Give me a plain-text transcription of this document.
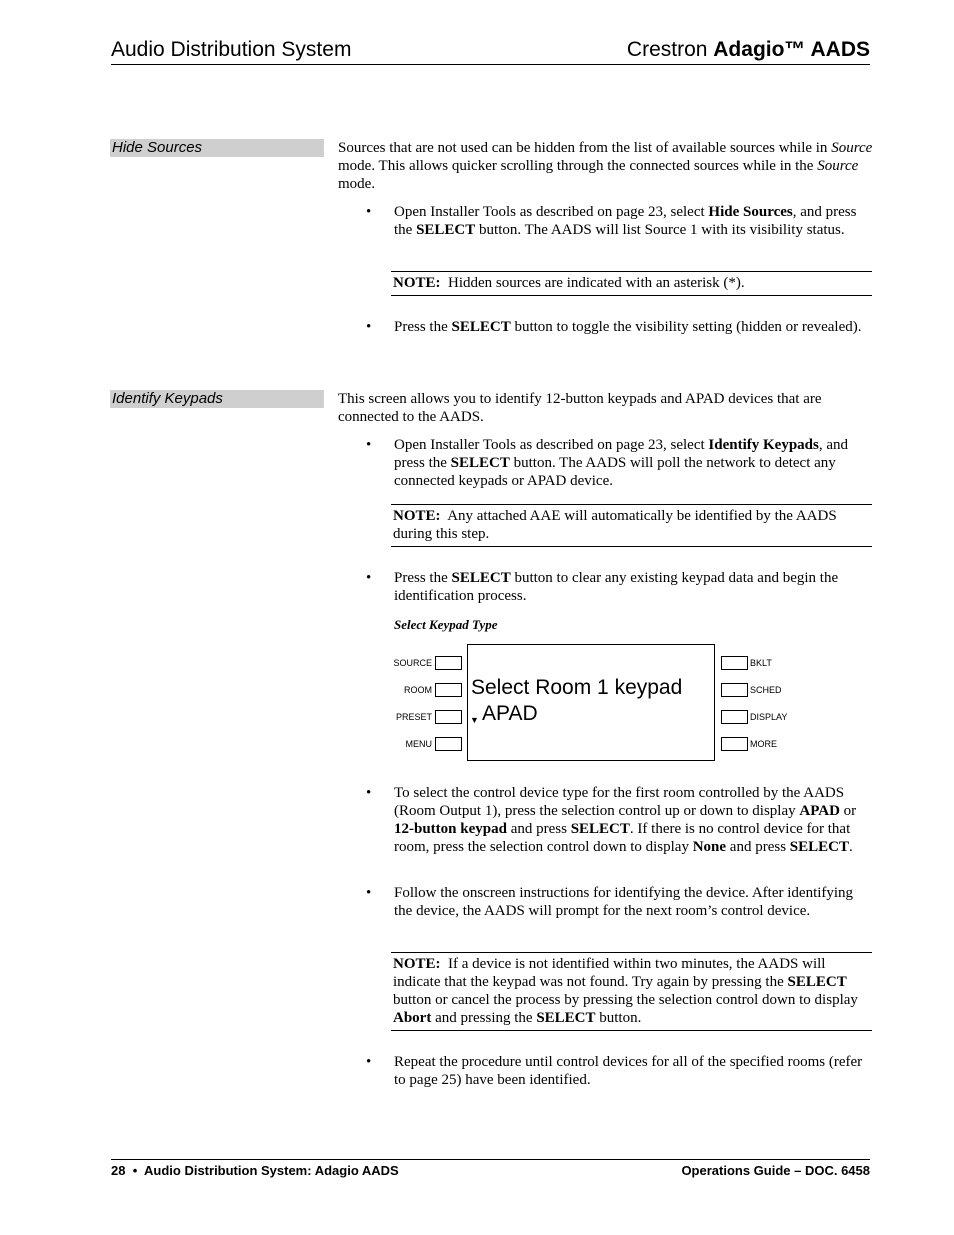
Audio Distribution System	Crestron Adagio™ AADS
Hide Sources	Sources that are not used can be hidden from the list of available sources while in Source mode. This allows quicker scrolling through the connected sources while in the Source mode.
• Open Installer Tools as described on page 23, select Hide Sources, and press the SELECT button. The AADS will list Source 1 with its visibility status.
NOTE:  Hidden sources are indicated with an asterisk (*).
• Press the SELECT button to toggle the visibility setting (hidden or revealed).
Identify Keypads	This screen allows you to identify 12-button keypads and APAD devices that are connected to the AADS.
• Open Installer Tools as described on page 23, select Identify Keypads, and press the SELECT button. The AADS will poll the network to detect any connected keypads or APAD device.
NOTE:  Any attached AAE will automatically be identified by the AADS during this step.
• Press the SELECT button to clear any existing keypad data and begin the identification process.
Select Keypad Type
SOURCE
ROOM
PRESET
MENU
Select Room 1 keypad
▼ APAD
BKLT
SCHED
DISPLAY
MORE
• To select the control device type for the first room controlled by the AADS (Room Output 1), press the selection control up or down to display APAD or 12-button keypad and press SELECT. If there is no control device for that room, press the selection control down to display None and press SELECT.
• Follow the onscreen instructions for identifying the device. After identifying the device, the AADS will prompt for the next room’s control device.
NOTE:  If a device is not identified within two minutes, the AADS will indicate that the keypad was not found. Try again by pressing the SELECT button or cancel the process by pressing the selection control down to display Abort and pressing the SELECT button.
• Repeat the procedure until control devices for all of the specified rooms (refer to page 25) have been identified.
28 • Audio Distribution System: Adagio AADS	Operations Guide – DOC. 6458
